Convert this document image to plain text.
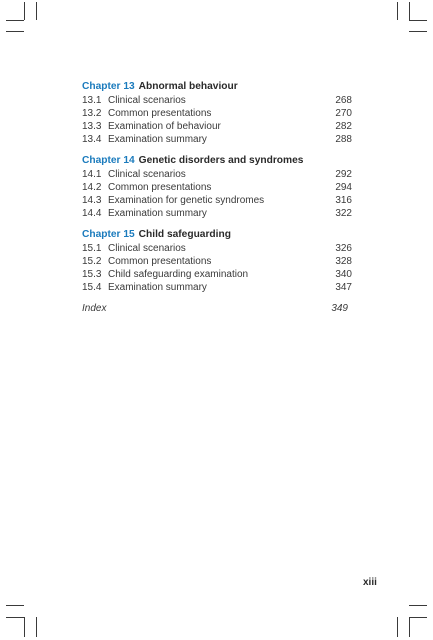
Chapter 13 Abnormal behaviour
13.1 Clinical scenarios	268
13.2 Common presentations	270
13.3 Examination of behaviour	282
13.4 Examination summary	288
Chapter 14 Genetic disorders and syndromes
14.1 Clinical scenarios	292
14.2 Common presentations	294
14.3 Examination for genetic syndromes	316
14.4 Examination summary	322
Chapter 15 Child safeguarding
15.1 Clinical scenarios	326
15.2 Common presentations	328
15.3 Child safeguarding examination	340
15.4 Examination summary	347
Index	349
xiii
